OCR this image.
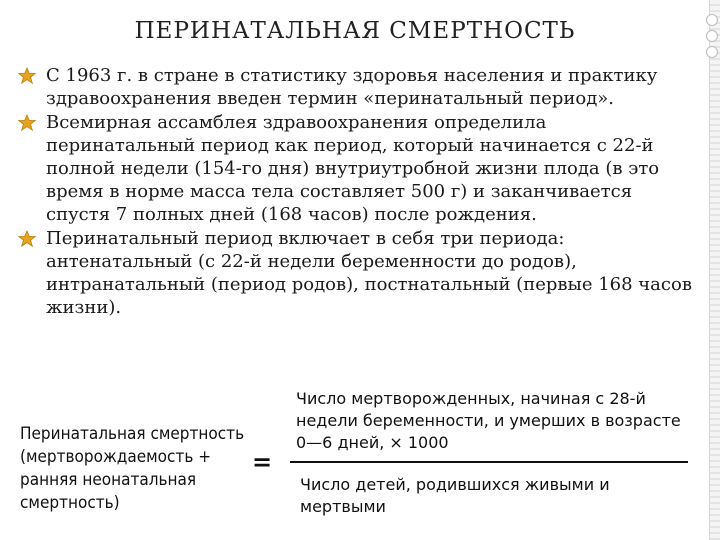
ПЕРИНАТАЛЬНАЯ СМЕРТНОСТЬ
С 1963 г. в стране в статистику здоровья населения и практику здравоохранения введен термин «перинатальный период».
Всемирная ассамблея здравоохранения определила перинатальный период как период, который начинается с 22-й полной недели (154-го дня) внутриутробной жизни плода (в это время в норме масса тела составляет 500 г) и заканчивается спустя 7 полных дней (168 часов) после рождения.
Перинатальный период включает в себя три периода: антенатальный (с 22-й недели беременности до родов), интранатальный (период родов), постнатальный (первые 168 часов жизни).
Перинатальная смертность (мертворождаемость + ранняя неонатальная смертность)
=
Число мертворожденных, начиная с 28-й недели беременности, и умерших в возрасте 0—6 дней, × 1000
Число детей, родившихся живыми и мертвыми
